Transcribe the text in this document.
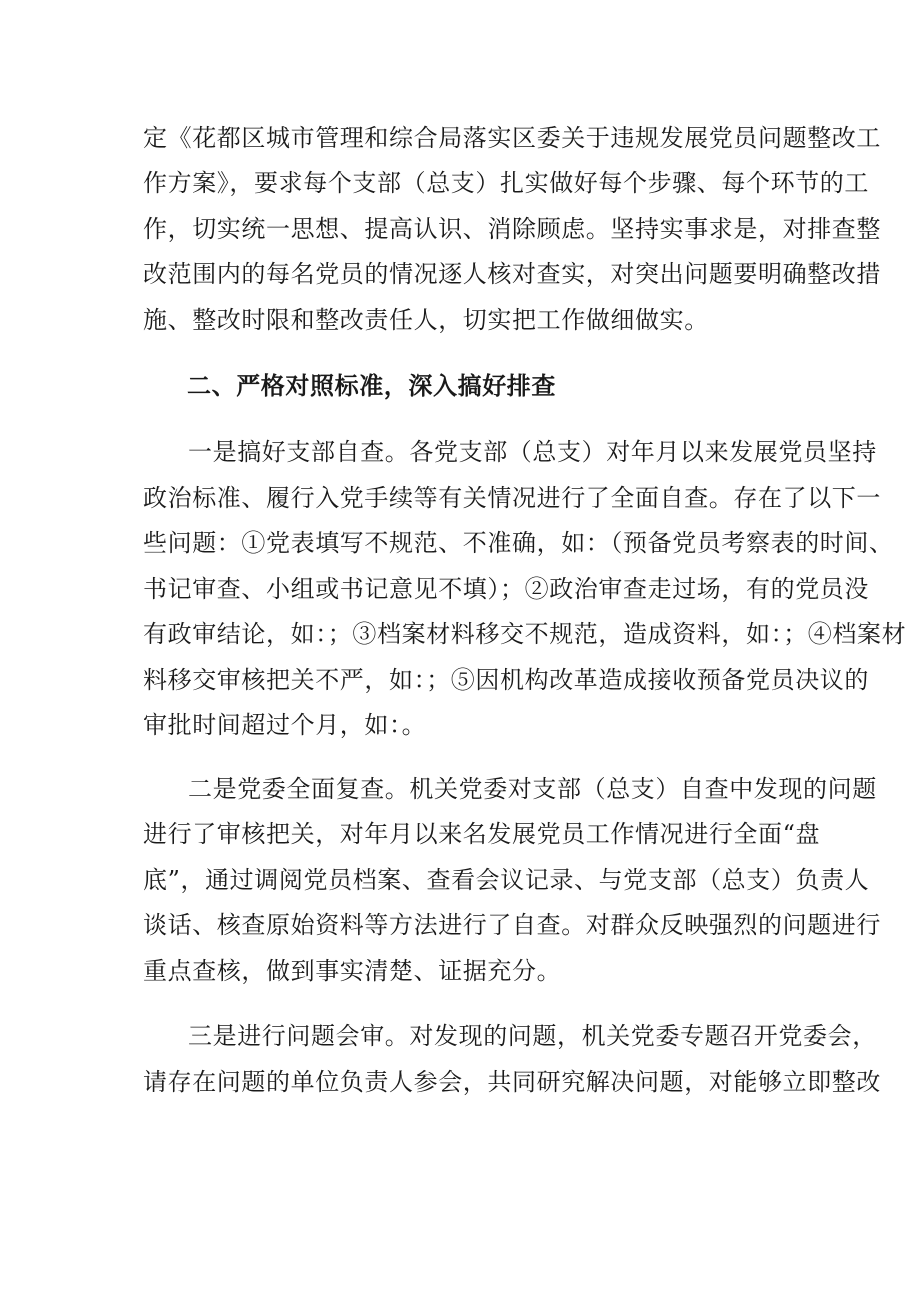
定《花都区城市管理和综合局落实区委关于违规发展党员问题整改工
作方案》，要求每个支部（总支）扎实做好每个步骤、每个环节的工
作，切实统一思想、提高认识、消除顾虑。坚持实事求是，对排查整
改范围内的每名党员的情况逐人核对查实，对突出问题要明确整改措
施、整改时限和整改责任人，切实把工作做细做实。
二、严格对照标准，深入搞好排查
一是搞好支部自查。各党支部（总支）对年月以来发展党员坚持
政治标准、履行入党手续等有关情况进行了全面自查。存在了以下一
些问题：①党表填写不规范、不准确，如：（预备党员考察表的时间、
书记审查、小组或书记意见不填）；②政治审查走过场，有的党员没
有政审结论，如：；③档案材料移交不规范，造成资料，如：；④档案材
料移交审核把关不严，如：；⑤因机构改革造成接收预备党员决议的
审批时间超过个月，如：。
二是党委全面复查。机关党委对支部（总支）自查中发现的问题
进行了审核把关，对年月以来名发展党员工作情况进行全面“盘
底”，通过调阅党员档案、查看会议记录、与党支部（总支）负责人
谈话、核查原始资料等方法进行了自查。对群众反映强烈的问题进行
重点查核，做到事实清楚、证据充分。
三是进行问题会审。对发现的问题，机关党委专题召开党委会，
请存在问题的单位负责人参会，共同研究解决问题，对能够立即整改
